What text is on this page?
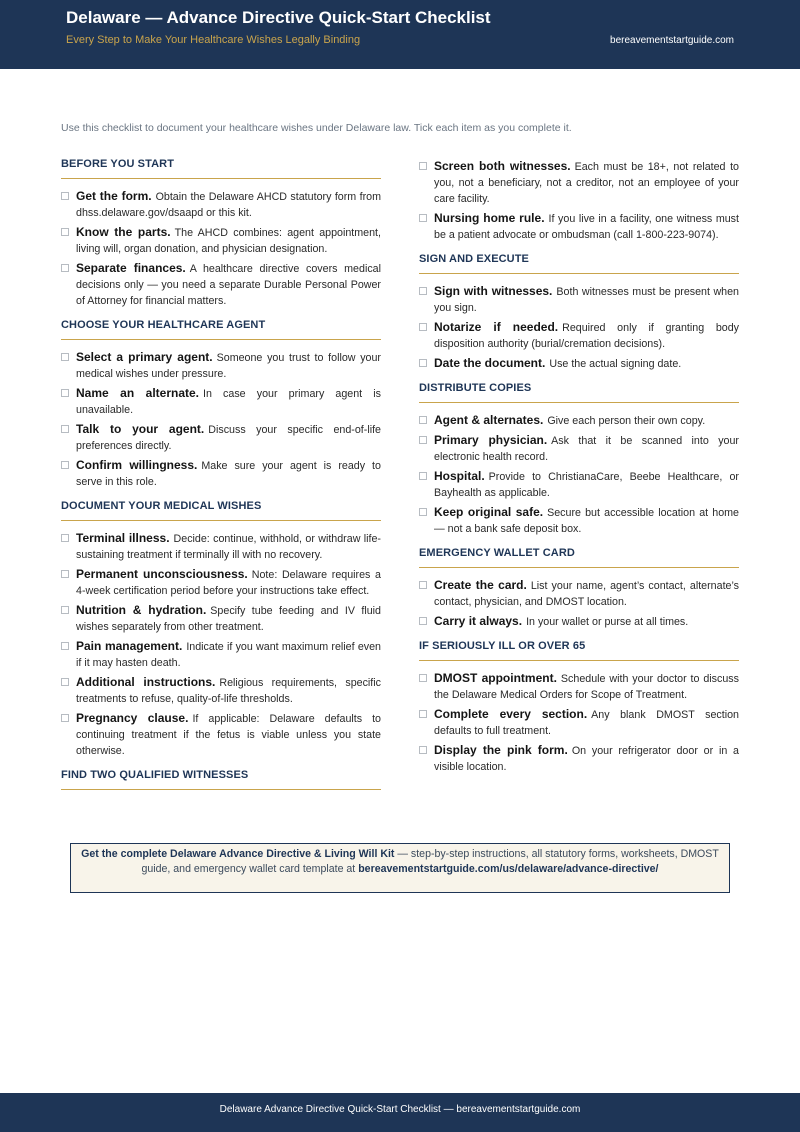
Delaware — Advance Directive Quick-Start Checklist
Every Step to Make Your Healthcare Wishes Legally Binding	bereavementstartguide.com
Use this checklist to document your healthcare wishes under Delaware law. Tick each item as you complete it.
BEFORE YOU START
Get the form. Obtain the Delaware AHCD statutory form from dhss.delaware.gov/dsaapd or this kit.
Know the parts. The AHCD combines: agent appointment, living will, organ donation, and physician designation.
Separate finances. A healthcare directive covers medical decisions only — you need a separate Durable Personal Power of Attorney for financial matters.
CHOOSE YOUR HEALTHCARE AGENT
Select a primary agent. Someone you trust to follow your medical wishes under pressure.
Name an alternate. In case your primary agent is unavailable.
Talk to your agent. Discuss your specific end-of-life preferences directly.
Confirm willingness. Make sure your agent is ready to serve in this role.
DOCUMENT YOUR MEDICAL WISHES
Terminal illness. Decide: continue, withhold, or withdraw life-sustaining treatment if terminally ill with no recovery.
Permanent unconsciousness. Note: Delaware requires a 4-week certification period before your instructions take effect.
Nutrition & hydration. Specify tube feeding and IV fluid wishes separately from other treatment.
Pain management. Indicate if you want maximum relief even if it may hasten death.
Additional instructions. Religious requirements, specific treatments to refuse, quality-of-life thresholds.
Pregnancy clause. If applicable: Delaware defaults to continuing treatment if the fetus is viable unless you state otherwise.
FIND TWO QUALIFIED WITNESSES
Screen both witnesses. Each must be 18+, not related to you, not a beneficiary, not a creditor, not an employee of your care facility.
Nursing home rule. If you live in a facility, one witness must be a patient advocate or ombudsman (call 1-800-223-9074).
SIGN AND EXECUTE
Sign with witnesses. Both witnesses must be present when you sign.
Notarize if needed. Required only if granting body disposition authority (burial/cremation decisions).
Date the document. Use the actual signing date.
DISTRIBUTE COPIES
Agent & alternates. Give each person their own copy.
Primary physician. Ask that it be scanned into your electronic health record.
Hospital. Provide to ChristianaCare, Beebe Healthcare, or Bayhealth as applicable.
Keep original safe. Secure but accessible location at home — not a bank safe deposit box.
EMERGENCY WALLET CARD
Create the card. List your name, agent’s contact, alternate’s contact, physician, and DMOST location.
Carry it always. In your wallet or purse at all times.
IF SERIOUSLY ILL OR OVER 65
DMOST appointment. Schedule with your doctor to discuss the Delaware Medical Orders for Scope of Treatment.
Complete every section. Any blank DMOST section defaults to full treatment.
Display the pink form. On your refrigerator door or in a visible location.
Get the complete Delaware Advance Directive & Living Will Kit — step-by-step instructions, all statutory forms, worksheets, DMOST guide, and emergency wallet card template at bereavementstartguide.com/us/delaware/advance-directive/
Delaware Advance Directive Quick-Start Checklist — bereavementstartguide.com
